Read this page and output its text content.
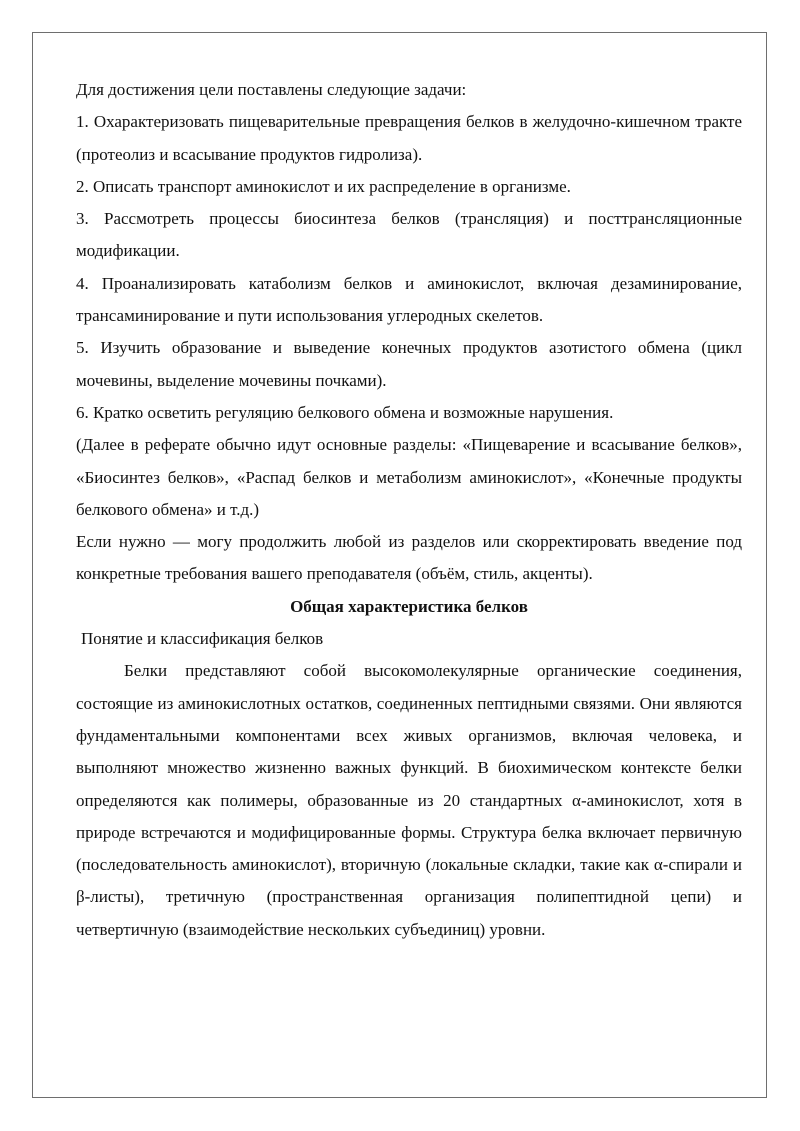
Для достижения цели поставлены следующие задачи:

1. Охарактеризовать пищеварительные превращения белков в желудочно-кишечном тракте (протеолиз и всасывание продуктов гидролиза).

2. Описать транспорт аминокислот и их распределение в организме.

3. Рассмотреть процессы биосинтеза белков (трансляция) и посттрансляционные модификации.

4. Проанализировать катаболизм белков и аминокислот, включая дезаминирование, трансаминирование и пути использования углеродных скелетов.

5. Изучить образование и выведение конечных продуктов азотистого обмена (цикл мочевины, выделение мочевины почками).

6. Кратко осветить регуляцию белкового обмена и возможные нарушения.

(Далее в реферате обычно идут основные разделы: «Пищеварение и всасывание белков», «Биосинтез белков», «Распад белков и метаболизм аминокислот», «Конечные продукты белкового обмена» и т.д.)

Если нужно — могу продолжить любой из разделов или скорректировать введение под конкретные требования вашего преподавателя (объём, стиль, акценты).

Общая характеристика белков

Понятие и классификация белков

Белки представляют собой высокомолекулярные органические соединения, состоящие из аминокислотных остатков, соединенных пептидными связями. Они являются фундаментальными компонентами всех живых организмов, включая человека, и выполняют множество жизненно важных функций. В биохимическом контексте белки определяются как полимеры, образованные из 20 стандартных α-аминокислот, хотя в природе встречаются и модифицированные формы. Структура белка включает первичную (последовательность аминокислот), вторичную (локальные складки, такие как α-спирали и β-листы), третичную (пространственная организация полипептидной цепи) и четвертичную (взаимодействие нескольких субъединиц) уровни.
